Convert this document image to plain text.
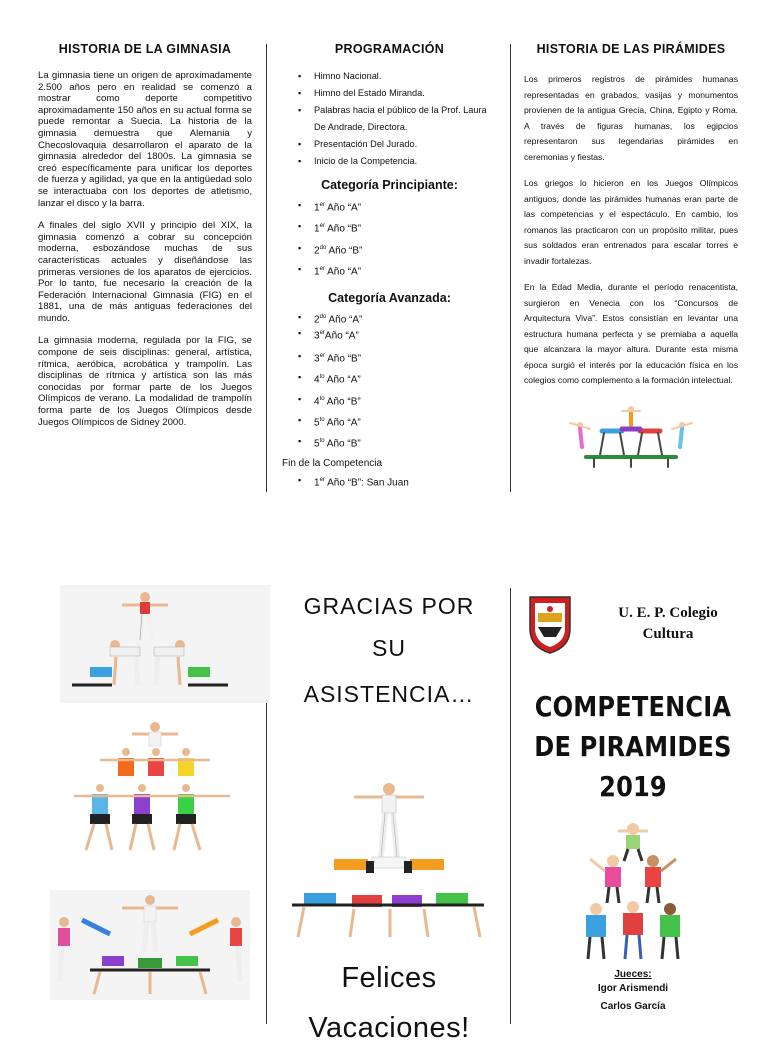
HISTORIA DE LA GIMNASIA

La gimnasia tiene un origen de aproximadamente 2.500 años pero en realidad se comenzó a mostrar como deporte competitivo aproximadamente 150 años en su actual forma se puede remontar a Suecia. La historia de la gimnasia demuestra que Alemania y Checoslovaquia desarrollaron el aparato de la gimnasia alrededor del 1800s. La gimnasia se creó específicamente para unificar los deportes de fuerza y agilidad, ya que en la antigüedad solo se interactuaba con los deportes de atletismo, lanzar el disco y la barra.

A finales del siglo XVII y principio del XIX, la gimnasia comenzó a cobrar su concepción moderna, esbozándose muchas de sus características actuales y diseñándose las primeras versiones de los aparatos de ejercicios. Por lo tanto, fue necesario la creación de la Federación Internacional Gimnasia (FIG) en el 1881, una de más antiguas federaciones del mundo.

La gimnasia moderna, regulada por la FIG, se compone de seis disciplinas: general, artística, rítmica, aeróbica, acrobática y trampolín. Las disciplinas de rítmica y artística son las más conocidas por formar parte de los Juegos Olímpicos de verano. La modalidad de trampolín forma parte de los Juegos Olímpicos desde Juegos Olímpicos de Sidney 2000.

PROGRAMACIÓN
▪ Himno Nacional.
▪ Himno del Estado Miranda.
▪ Palabras hacia el público de la Prof. Laura De Andrade, Directora.
▪ Presentación Del Jurado.
▪ Inicio de la Competencia.
Categoría Principiante:
▪ 1er Año “A”
▪ 1er Año “B”
▪ $2^{do}$ Año “B”
▪ 1er Año “A”
Categoría Avanzada:
▪ $2^{do}$ Año “A”
▪ 3erAño “A”
▪ 3er Año “B”
▪ $4^{to}$ Año “A”
▪ $4^{to}$ Año “B”
▪ $5^{to}$ Año “A”
▪ $5^{to}$ Año “B”
Fin de la Competencia
▪ 1er Año “B”: San Juan
HISTORIA DE LAS PIRÁMIDES

Los primeros registros de pirámides humanas representadas en grabados, vasijas y monumentos provienen de la antigua Grecia, China, Egipto y Roma. A través de figuras humanas, los egipcios representaron sus legendarias pirámides en ceremonias y fiestas.

Los griegos lo hicieron en los Juegos Olímpicos antiguos, donde las pirámides humanas eran parte de las competencias y el espectáculo. En cambio, los romanos las practicaron con un propósito militar, pues sus soldados eran entrenados para escalar torres e invadir fortalezas.

En la Edad Media, durante el período renacentista, surgieron en Venecia con los “Concursos de Arquitectura Viva”. Estos consistían en levantar una estructura humana perfecta y se premiaba a aquella que alcanzara la mayor altura. Durante esta misma época surgió el interés por la educación física en los colegios como complemento a la formación intelectual.

GRACIAS POR
SU
ASISTENCIA…
Felices
Vacaciones!
U. E. P. Colegio
Cultura
COMPETENCIA
DE PIRAMIDES
2019
Jueces:
Igor Arismendi
Carlos García
